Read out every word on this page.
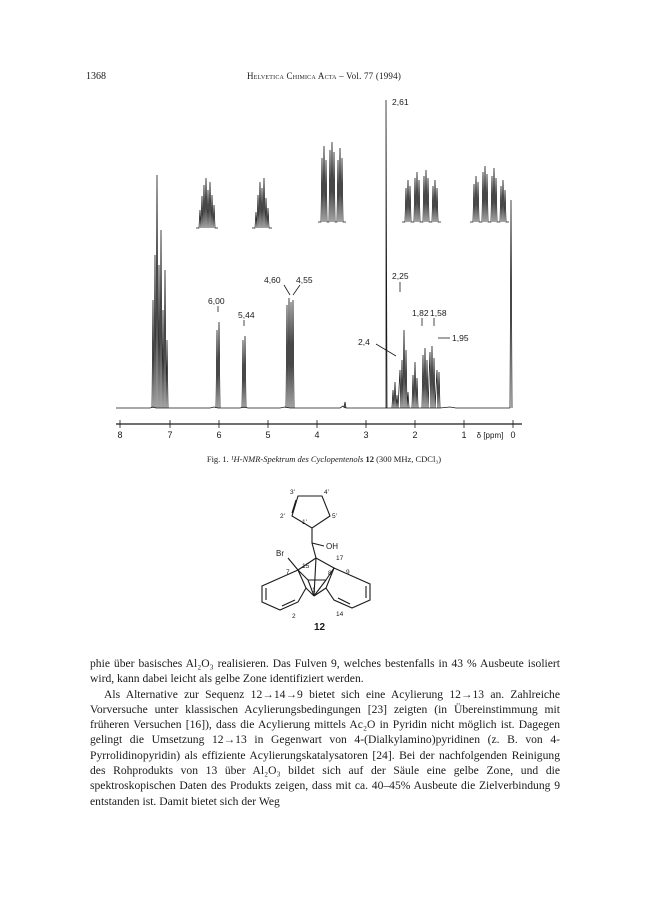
1368	Helvetica Chimica Acta – Vol. 77 (1994)
2,61
4,60 4,55
6,00
5,44
2,25
1,82 1,58
1,95
2,4
8	7	6	5	4	3	2	1	0
δ [ppm]
Fig. 1. ¹H-NMR-Spektrum des Cyclopentenols 12 (300 MHz, CDCl₃)
3'	4'
2'
1'
5'
OH
Br
17
15
7	8 9
1
2	14
12

phie über basisches Al₂O₃ realisieren. Das Fulven 9, welches bestenfalls in 43 % Ausbeute isoliert wird, kann dabei leicht als gelbe Zone identifiziert werden.

Als Alternative zur Sequenz 12→14→9 bietet sich eine Acylierung 12→13 an. Zahlreiche Vorversuche unter klassischen Acylierungsbedingungen [23] zeigten (in Übereinstimmung mit früheren Versuchen [16]), dass die Acylierung mittels Ac₂O in Pyridin nicht möglich ist. Dagegen gelingt die Umsetzung 12→13 in Gegenwart von 4-(Dialkylamino)pyridinen (z. B. von 4-Pyrrolidinopyridin) als effiziente Acylierungskatalysatoren [24]. Bei der nachfolgenden Reinigung des Rohprodukts von 13 über Al₂O₃ bildet sich auf der Säule eine gelbe Zone, und die spektroskopischen Daten des Produkts zeigen, dass mit ca. 40–45% Ausbeute die Zielverbindung 9 entstanden ist. Damit bietet sich der Weg
